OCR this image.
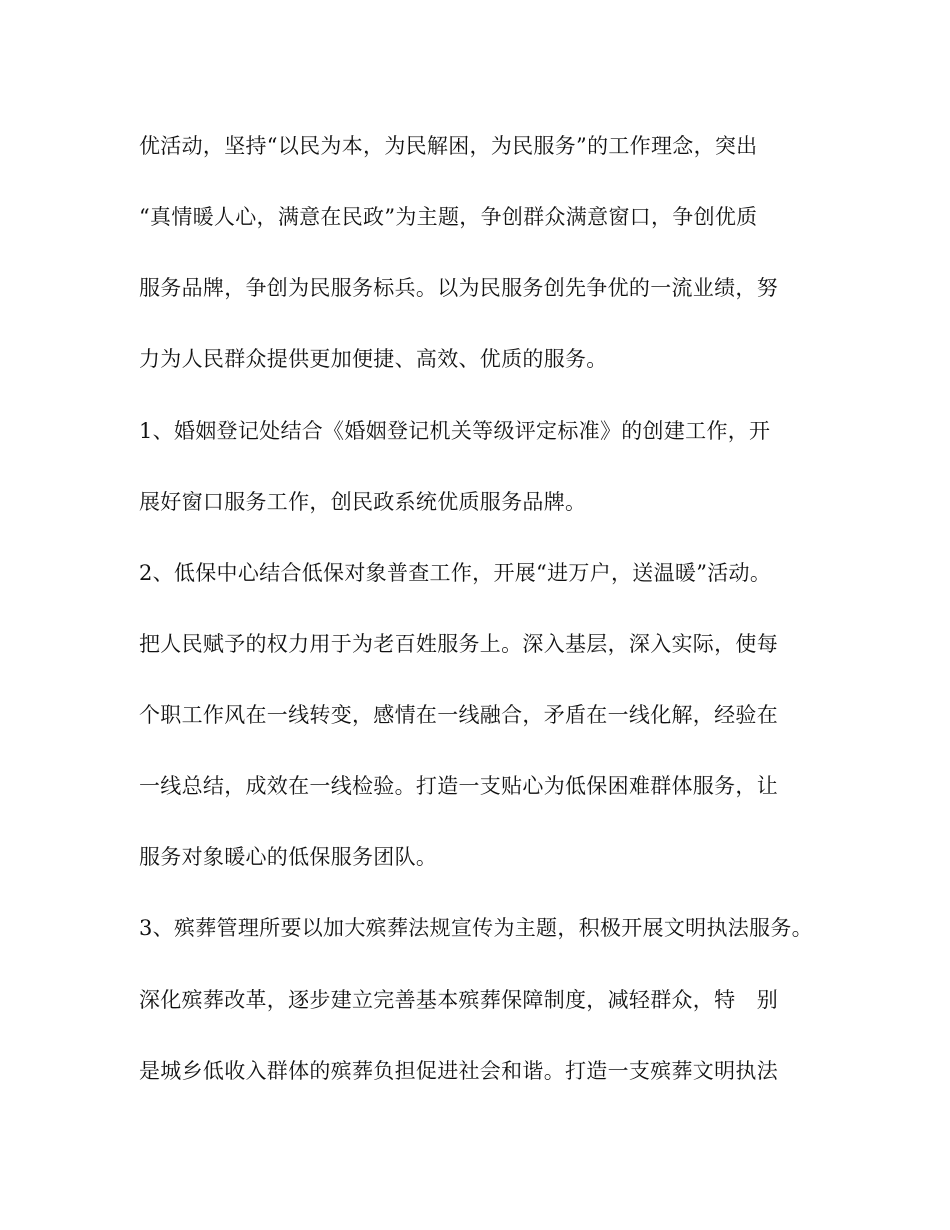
优活动，坚持“以民为本，为民解困，为民服务”的工作理念，突出
“真情暖人心，满意在民政”为主题，争创群众满意窗口，争创优质
服务品牌，争创为民服务标兵。以为民服务创先争优的一流业绩，努
力为人民群众提供更加便捷、高效、优质的服务。
1、婚姻登记处结合《婚姻登记机关等级评定标准》的创建工作，开
展好窗口服务工作，创民政系统优质服务品牌。
2、低保中心结合低保对象普查工作，开展“进万户，送温暖”活动。
把人民赋予的权力用于为老百姓服务上。深入基层，深入实际，使每
个职工作风在一线转变，感情在一线融合，矛盾在一线化解，经验在
一线总结，成效在一线检验。打造一支贴心为低保困难群体服务，让
服务对象暖心的低保服务团队。
3、殡葬管理所要以加大殡葬法规宣传为主题，积极开展文明执法服务。
深化殡葬改革，逐步建立完善基本殡葬保障制度，减轻群众，特　别
是城乡低收入群体的殡葬负担促进社会和谐。打造一支殡葬文明执法
